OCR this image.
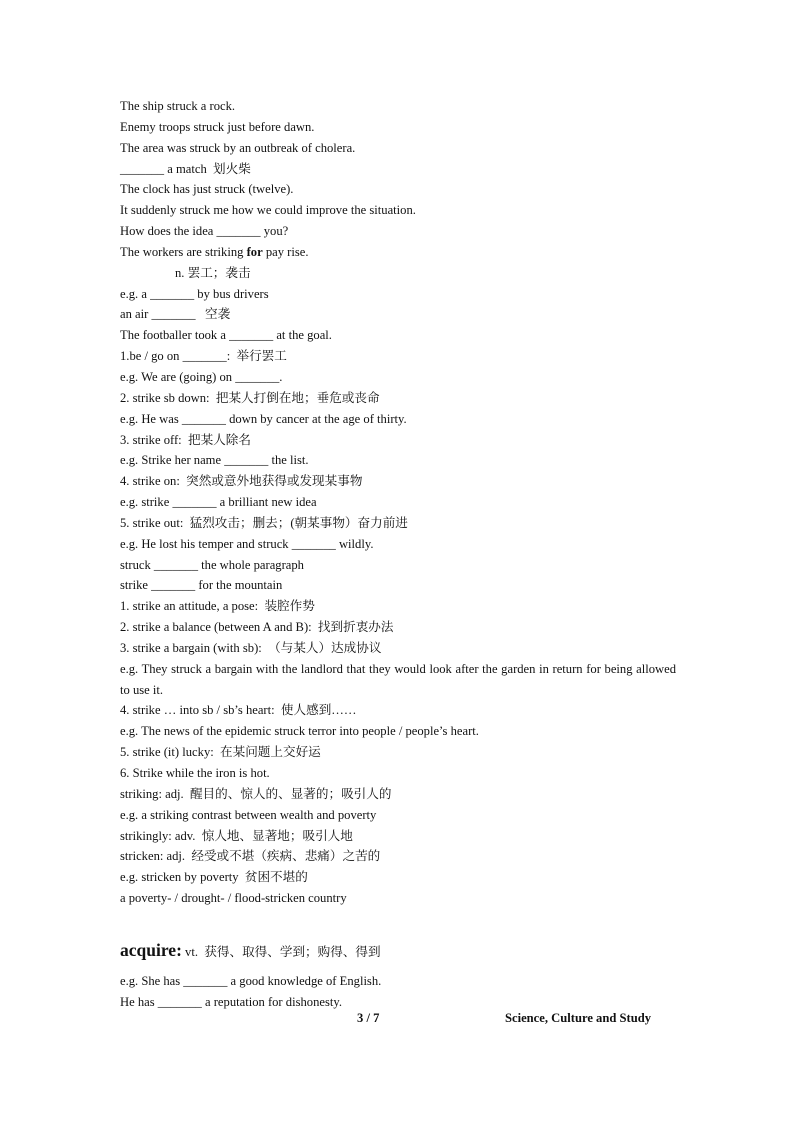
The ship struck a rock.
Enemy troops struck just before dawn.
The area was struck by an outbreak of cholera.
_______ a match  划火柴
The clock has just struck (twelve).
It suddenly struck me how we could improve the situation.
How does the idea _______ you?
The workers are striking for pay rise.
n. 罢工；袭击
e.g. a _______ by bus drivers
an air _______   空袭
The footballer took a _______ at the goal.
1.be / go on _______:  举行罢工
e.g. We are (going) on _______.
2. strike sb down:  把某人打倒在地；垂危或丧命
e.g. He was _______ down by cancer at the age of thirty.
3. strike off:  把某人除名
e.g. Strike her name _______ the list.
4. strike on:  突然或意外地获得或发现某事物
e.g. strike _______ a brilliant new idea
5. strike out:  猛烈攻击；删去；(朝某事物）奋力前进
e.g. He lost his temper and struck _______ wildly.
struck _______ the whole paragraph
strike _______ for the mountain
1. strike an attitude, a pose:  装腔作势
2. strike a balance (between A and B):  找到折衷办法
3. strike a bargain (with sb):  （与某人）达成协议
e.g. They struck a bargain with the landlord that they would look after the garden in return for being allowed to use it.
4. strike … into sb / sb’s heart:  使人感到……
e.g. The news of the epidemic struck terror into people / people’s heart.
5. strike (it) lucky:  在某问题上交好运
6. Strike while the iron is hot.
striking: adj.  醒目的、惊人的、显著的；吸引人的
e.g. a striking contrast between wealth and poverty
strikingly: adv.  惊人地、显著地；吸引人地
stricken: adj.  经受或不堪（疾病、悲痛）之苦的
e.g. stricken by poverty  贫困不堪的
a poverty- / drought- / flood-stricken country
acquire: vt.  获得、取得、学到；购得、得到
e.g. She has _______ a good knowledge of English.
He has _______ a reputation for dishonesty.
3 / 7	Science, Culture and Study
